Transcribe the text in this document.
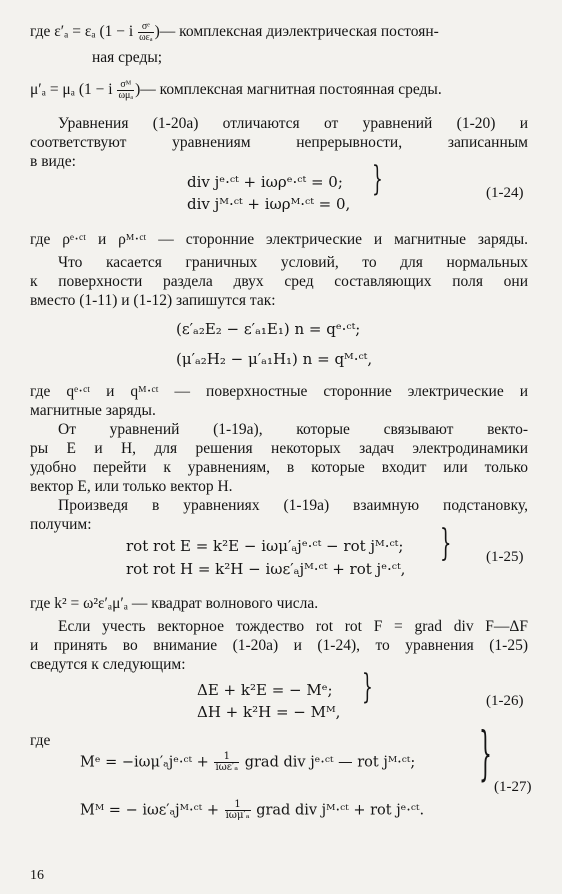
где ε′ₐ = εₐ (1 − i $\frac{\text{σᵉ}}{\text{ωεₐ}}$ )— комплексная диэлектрическая постоян-
ная среды;
μ′ₐ = μₐ (1 − i $\frac{\text{σᴹ}}{\text{ωμₐ}}$ )— комплексная магнитная постоянная среды.
Уравнения (1-20а) отличаются от уравнений (1-20) и
соответствуют уравнениям непрерывности, записанным
в виде:
div jᵉ·ᶜᵗ + iωρᵉ·ᶜᵗ = 0;
div jᴹ·ᶜᵗ + iωρᴹ·ᶜᵗ = 0,
}	(1-24)
где ρᵉ·ᶜᵗ и ρᴹ·ᶜᵗ — сторонние электрические и магнитные заряды.
Что касается граничных условий, то для нормальных
к поверхности раздела двух сред составляющих поля они
вместо (1-11) и (1-12) запишутся так:
(ε′ₐ₂E₂ − ε′ₐ₁E₁) n = qᵉ·ᶜᵗ;
(μ′ₐ₂H₂ − μ′ₐ₁H₁) n = qᴹ·ᶜᵗ,
где qᵉ·ᶜᵗ и qᴹ·ᶜᵗ — поверхностные сторонние электрические и
магнитные заряды.
От уравнений (1-19а), которые связывают векто-
ры E и H, для решения некоторых задач электродинамики
удобно перейти к уравнениям, в которые входит или только
вектор E, или только вектор H.
Произведя в уравнениях (1-19а) взаимную подстановку,
получим:
rot rot E = k²E − iωμ′ₐjᵉ·ᶜᵗ − rot jᴹ·ᶜᵗ;
rot rot H = k²H − iωε′ₐjᴹ·ᶜᵗ + rot jᵉ·ᶜᵗ,
} (1-25)
где k² = ω²ε′ₐμ′ₐ — квадрат волнового числа.
Если учесть векторное тождество rot rot F = grad div F—ΔF
и принять во внимание (1-20а) и (1-24), то уравнения (1-25)
сведутся к следующим:
ΔE + k²E = − Mᵉ;
ΔH + k²H = − Mᴹ,
}	(1-26)
где
Mᵉ = −iωμ′ₐjᵉ·ᶜᵗ + $\frac{1}{\text{iωε′ₐ}}$ grad div jᵉ·ᶜᵗ — rot jᴹ·ᶜᵗ;
Mᴹ = − iωε′ₐjᴹ·ᶜᵗ + $\frac{1}{\text{iωμ′ₐ}}$ grad div jᴹ·ᶜᵗ + rot jᵉ·ᶜᵗ.
} (1-27)
16
